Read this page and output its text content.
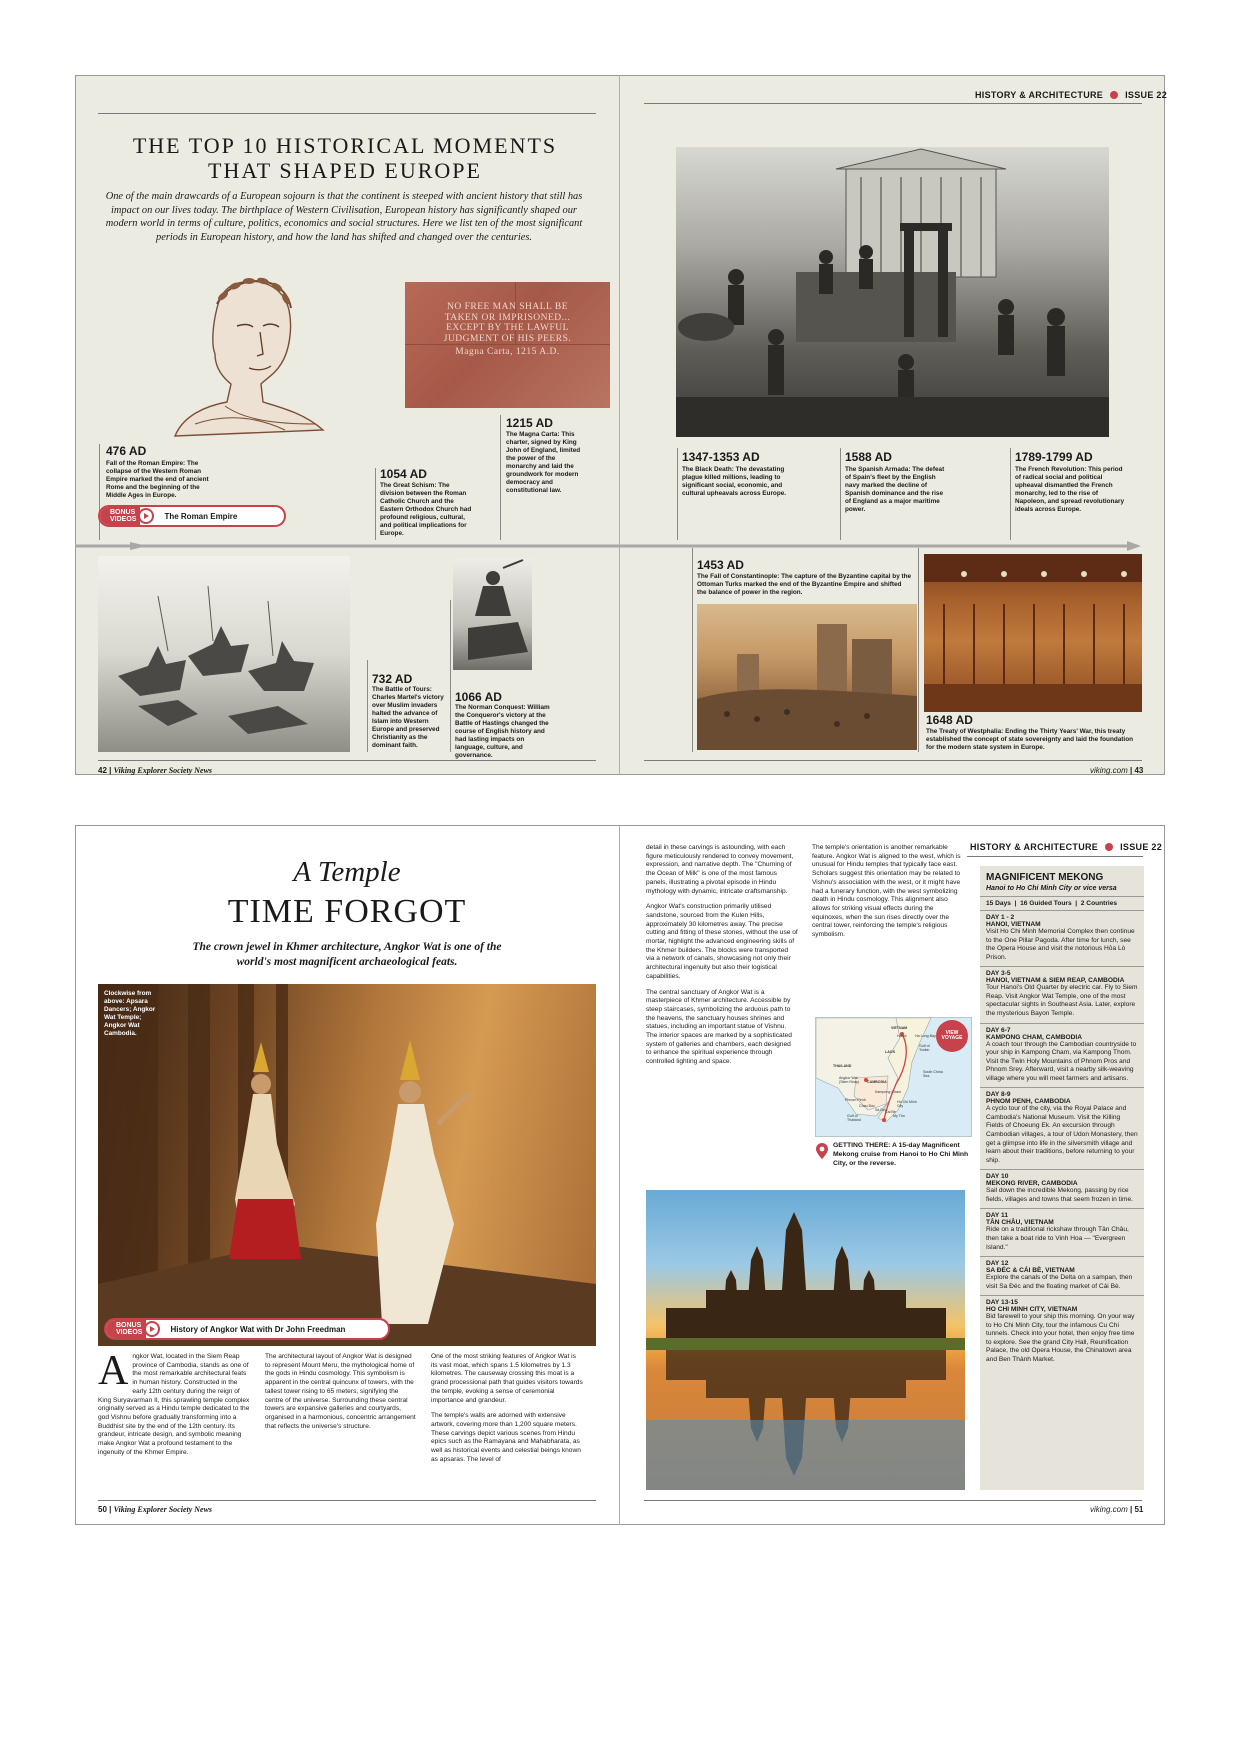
HISTORY & ARCHITECTURE ISSUE 22
THE TOP 10 HISTORICAL MOMENTS THAT SHAPED EUROPE
One of the main drawcards of a European sojourn is that the continent is steeped with ancient history that still has impact on our lives today. The birthplace of Western Civilisation, European history has significantly shaped our modern world in terms of culture, politics, economics and social structures. Here we list ten of the most significant periods in European history, and how the land has shifted and changed over the centuries.
NO FREE MAN SHALL BE
TAKEN OR IMPRISONED...
EXCEPT BY THE LAWFUL
JUDGMENT OF HIS PEERS.
Magna Carta, 1215 A.D.
476 AD
Fall of the Roman Empire: The collapse of the Western Roman Empire marked the end of ancient Rome and the beginning of the Middle Ages in Europe.
BONUS
VIDEOS	The Roman Empire
1054 AD
The Great Schism: The division between the Roman Catholic Church and the Eastern Orthodox Church had profound religious, cultural, and political implications for Europe.
1215 AD
The Magna Carta: This charter, signed by King John of England, limited the power of the monarchy and laid the groundwork for modern democracy and constitutional law.
1347-1353 AD
The Black Death: The devastating plague killed millions, leading to significant social, economic, and cultural upheavals across Europe.
1588 AD
The Spanish Armada: The defeat of Spain's fleet by the English navy marked the decline of Spanish dominance and the rise of England as a major maritime power.
1789-1799 AD
The French Revolution: This period of radical social and political upheaval dismantled the French monarchy, led to the rise of Napoleon, and spread revolutionary ideals across Europe.
732 AD
The Battle of Tours: Charles Martel's victory over Muslim invaders halted the advance of Islam into Western Europe and preserved Christianity as the dominant faith.
1066 AD
The Norman Conquest: William the Conqueror's victory at the Battle of Hastings changed the course of English history and had lasting impacts on language, culture, and governance.
1453 AD
The Fall of Constantinople: The capture of the Byzantine capital by the Ottoman Turks marked the end of the Byzantine Empire and shifted the balance of power in the region.
1648 AD
The Treaty of Westphalia: Ending the Thirty Years' War, this treaty established the concept of state sovereignty and laid the foundation for the modern state system in Europe.
42 | Viking Explorer Society News	viking.com | 43
HISTORY & ARCHITECTURE ISSUE 22
A Temple
TIME FORGOT
The crown jewel in Khmer architecture, Angkor Wat is one of the world's most magnificent archaeological feats.
Clockwise from above: Apsara Dancers; Angkor Wat Temple; Angkor Wat Cambodia.
BONUS
VIDEOS	History of Angkor Wat with Dr John Freedman
A ngkor Wat, located in the Siem Reap province of Cambodia, stands as one of the most remarkable architectural feats in human history. Constructed in the early 12th century during the reign of King Suryavarman II, this sprawling temple complex originally served as a Hindu temple dedicated to the god Vishnu before gradually transforming into a Buddhist site by the end of the 12th century. Its grandeur, intricate design, and symbolic meaning make Angkor Wat a profound testament to the ingenuity of the Khmer Empire.

The architectural layout of Angkor Wat is designed to represent Mount Meru, the mythological home of the gods in Hindu cosmology. This symbolism is apparent in the central quincunx of towers, with the tallest tower rising to 65 meters, signifying the centre of the universe. Surrounding these central towers are expansive galleries and courtyards, organised in a harmonious, concentric arrangement that reflects the universe's structure.

One of the most striking features of Angkor Wat is its vast moat, which spans 1.5 kilometres by 1.3 kilometres. The causeway crossing this moat is a grand processional path that guides visitors towards the temple, evoking a sense of ceremonial importance and grandeur.

The temple's walls are adorned with extensive artwork, covering more than 1,200 square meters. These carvings depict various scenes from Hindu epics such as the Ramayana and Mahabharata, as well as historical events and celestial beings known as apsaras. The level of

detail in these carvings is astounding, with each figure meticulously rendered to convey movement, expression, and narrative depth. The "Churning of the Ocean of Milk" is one of the most famous panels, illustrating a pivotal episode in Hindu mythology with dynamic, intricate craftsmanship.

Angkor Wat's construction primarily utilised sandstone, sourced from the Kulen Hills, approximately 30 kilometres away. The precise cutting and fitting of these stones, without the use of mortar, highlight the advanced engineering skills of the Khmer builders. The blocks were transported via a network of canals, showcasing not only their architectural ingenuity but also their logistical capabilities.

The central sanctuary of Angkor Wat is a masterpiece of Khmer architecture. Accessible by steep staircases, symbolizing the arduous path to the heavens, the sanctuary houses shrines and statues, including an important statue of Vishnu. The interior spaces are marked by a sophisticated system of galleries and chambers, each designed to enhance the spiritual experience through controlled lighting and space.

The temple's orientation is another remarkable feature. Angkor Wat is aligned to the west, which is unusual for Hindu temples that typically face east. Scholars suggest this orientation may be related to Vishnu's association with the west, or it might have had a funerary function, with the west symbolizing death in Hindu cosmology. This alignment also allows for striking visual effects during the equinoxes, when the sun rises directly over the central tower, reinforcing the temple's religious symbolism.

VIETNAM
Hanoi Ha Long Bay
Gulf of Tonkin
LAOS
THAILAND
Angkor Wat (Siem Reap)	CAMBODIA
Kampong Cham
South China Sea
Phnom Penh
Chau Doc
Ho Chi Minh City
Sa Dec
Gulf of Thailand
Cai Be
My Tho
VIEW
VOYAGE
GETTING THERE: A 15-day Magnificent Mekong cruise from Hanoi to Ho Chi Minh City, or the reverse.
MAGNIFICENT MEKONG
Hanoi to Ho Chi Minh City or vice versa
15 Days  |  16 Guided Tours  |  2 Countries
DAY 1 - 2
HANOI, VIETNAM
Visit Ho Chi Minh Memorial Complex then continue to the One Pillar Pagoda. After time for lunch, see the Opera House and visit the notorious Hỏa Lò Prison.
DAY 3-5
HANOI, VIETNAM & SIEM REAP, CAMBODIA
Tour Hanoi's Old Quarter by electric car. Fly to Siem Reap. Visit Angkor Wat Temple, one of the most spectacular sights in Southeast Asia. Later, explore the mysterious Bayon Temple.
DAY 6-7
KAMPONG CHAM, CAMBODIA
A coach tour through the Cambodian countryside to your ship in Kampong Cham, via Kampong Thom. Visit the Twin Holy Mountains of Phnom Pros and Phnom Srey. Afterward, visit a nearby silk-weaving village where you will meet farmers and artisans.
DAY 8-9
PHNOM PENH, CAMBODIA
A cyclo tour of the city, via the Royal Palace and Cambodia's National Museum. Visit the Killing Fields of Choeung Ek. An excursion through Cambodian villages, a tour of Udon Monastery, then get a glimpse into life in the silversmith village and learn about their traditions, before returning to your ship.
DAY 10
MEKONG RIVER, CAMBODIA
Sail down the incredible Mekong, passing by rice fields, villages and towns that seem frozen in time.
DAY 11
TÂN CHÂU, VIETNAM
Ride on a traditional rickshaw through Tân Châu, then take a boat ride to Vinh Hoa — "Evergreen Island."
DAY 12
SA ĐÉC & CÁI BÈ, VIETNAM
Explore the canals of the Delta on a sampan, then visit Sa Đéc and the floating market of Cái Bè.
DAY 13-15
HO CHI MINH CITY, VIETNAM
Bid farewell to your ship this morning. On your way to Ho Chi Minh City, tour the infamous Cu Chi tunnels. Check into your hotel, then enjoy free time to explore. See the grand City Hall, Reunification Palace, the old Opera House, the Chinatown area and Ben Thành Market.
50 | Viking Explorer Society News	viking.com | 51
